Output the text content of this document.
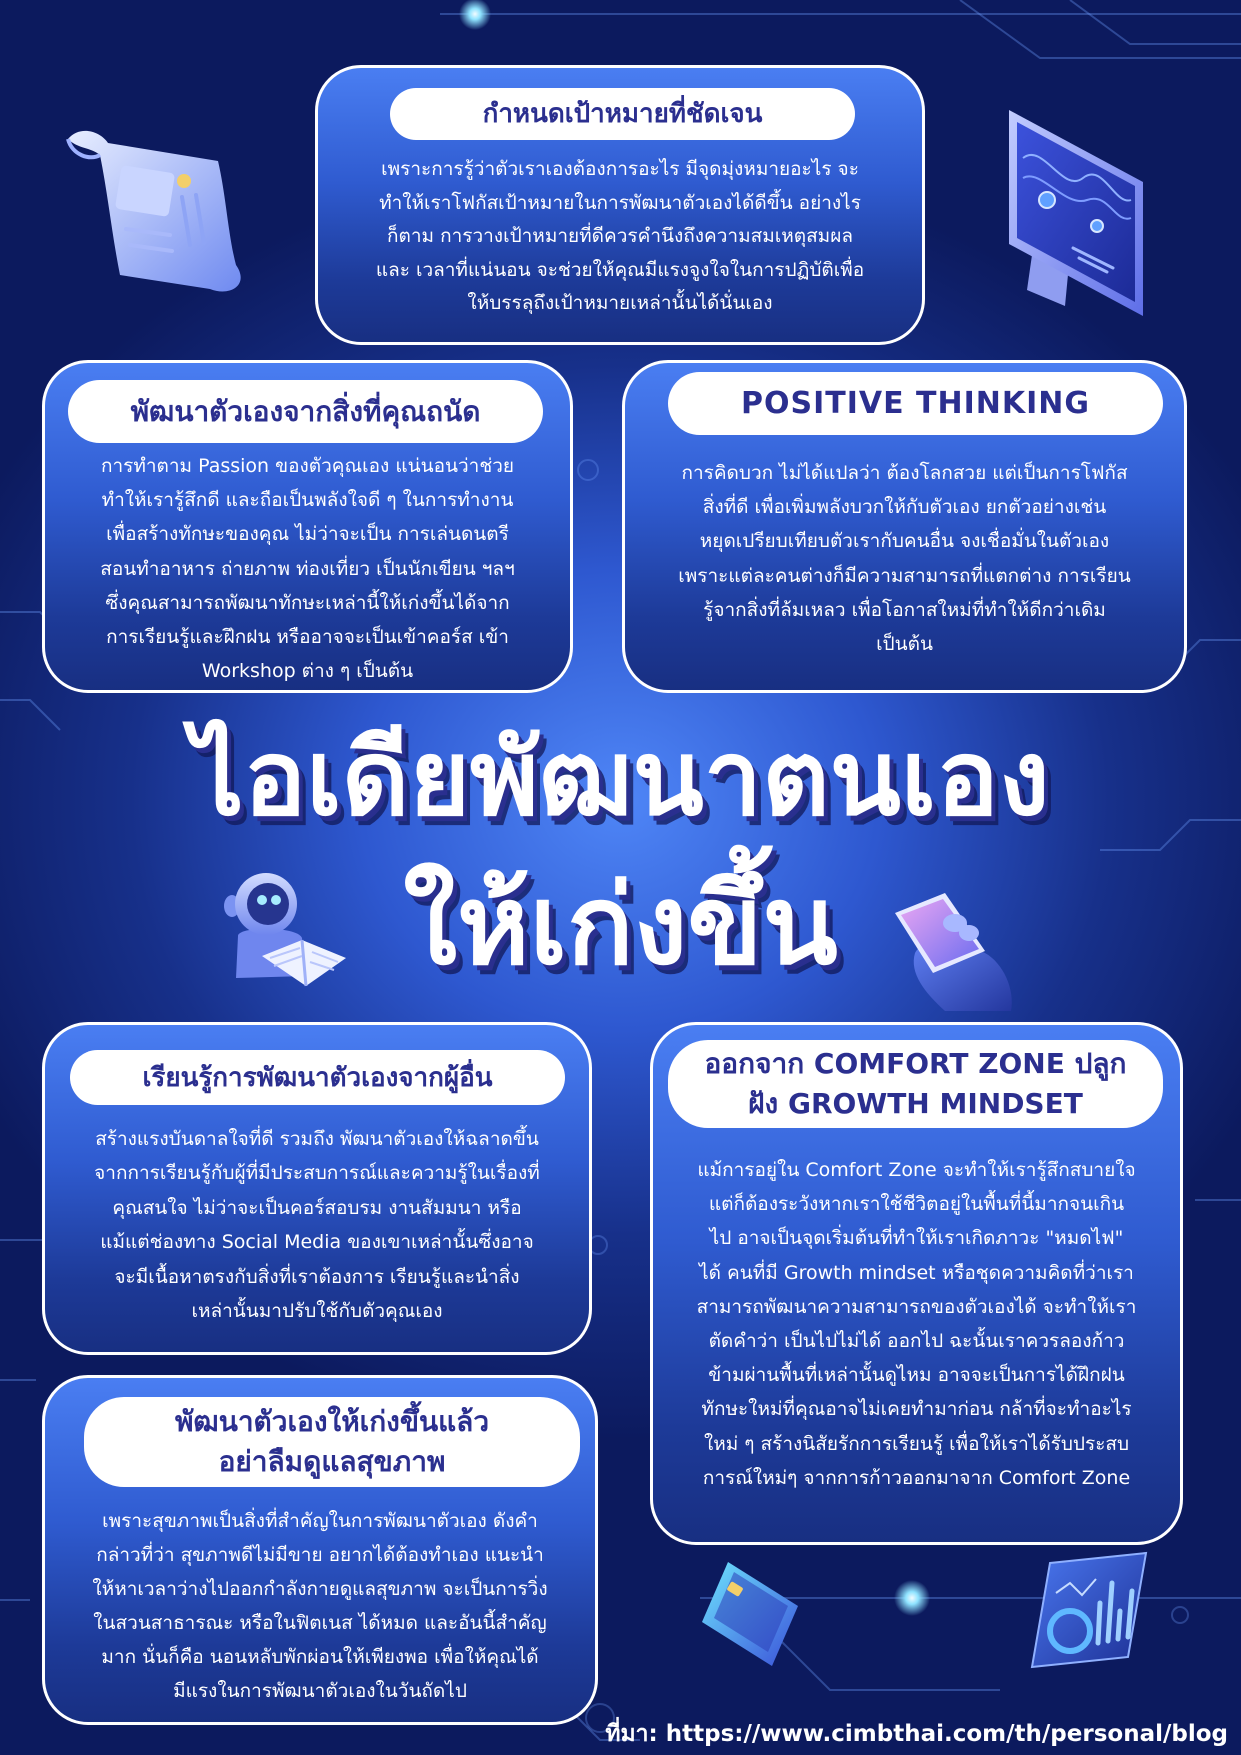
กำหนดเป้าหมายที่ชัดเจน
เพราะการรู้ว่าตัวเราเองต้องการอะไร มีจุดมุ่งหมายอะไร จะ
ทำให้เราโฟกัสเป้าหมายในการพัฒนาตัวเองได้ดีขึ้น อย่างไร
ก็ตาม การวางเป้าหมายที่ดีควรคำนึงถึงความสมเหตุสมผล
และ เวลาที่แน่นอน จะช่วยให้คุณมีแรงจูงใจในการปฏิบัติเพื่อ
ให้บรรลุถึงเป้าหมายเหล่านั้นได้นั่นเอง
พัฒนาตัวเองจากสิ่งที่คุณถนัด
การทำตาม Passion ของตัวคุณเอง แน่นอนว่าช่วย
ทำให้เรารู้สึกดี และถือเป็นพลังใจดี ๆ ในการทำงาน
เพื่อสร้างทักษะของคุณ ไม่ว่าจะเป็น การเล่นดนตรี
สอนทำอาหาร ถ่ายภาพ ท่องเที่ยว เป็นนักเขียน ฯลฯ
ซึ่งคุณสามารถพัฒนาทักษะเหล่านี้ให้เก่งขึ้นได้จาก
การเรียนรู้และฝึกฝน หรืออาจจะเป็นเข้าคอร์ส เข้า
Workshop ต่าง ๆ เป็นต้น
POSITIVE THINKING
การคิดบวก ไม่ได้แปลว่า ต้องโลกสวย แต่เป็นการโฟกัส
สิ่งที่ดี เพื่อเพิ่มพลังบวกให้กับตัวเอง ยกตัวอย่างเช่น
หยุดเปรียบเทียบตัวเรากับคนอื่น จงเชื่อมั่นในตัวเอง
เพราะแต่ละคนต่างก็มีความสามารถที่แตกต่าง การเรียน
รู้จากสิ่งที่ล้มเหลว เพื่อโอกาสใหม่ที่ทำให้ดีกว่าเดิม
เป็นต้น
ไอเดียพัฒนาตนเอง
ให้เก่งขึ้น
เรียนรู้การพัฒนาตัวเองจากผู้อื่น
สร้างแรงบันดาลใจที่ดี รวมถึง พัฒนาตัวเองให้ฉลาดขึ้น
จากการเรียนรู้กับผู้ที่มีประสบการณ์และความรู้ในเรื่องที่
คุณสนใจ ไม่ว่าจะเป็นคอร์สอบรม งานสัมมนา หรือ
แม้แต่ช่องทาง Social Media ของเขาเหล่านั้นซึ่งอาจ
จะมีเนื้อหาตรงกับสิ่งที่เราต้องการ เรียนรู้และนำสิ่ง
เหล่านั้นมาปรับใช้กับตัวคุณเอง
ออกจาก COMFORT ZONE ปลูก
ฝัง GROWTH MINDSET
แม้การอยู่ใน Comfort Zone จะทำให้เรารู้สึกสบายใจ
แต่ก็ต้องระวังหากเราใช้ชีวิตอยู่ในพื้นที่นี้มากจนเกิน
ไป อาจเป็นจุดเริ่มต้นที่ทำให้เราเกิดภาวะ "หมดไฟ"
ได้ คนที่มี Growth mindset หรือชุดความคิดที่ว่าเรา
สามารถพัฒนาความสามารถของตัวเองได้ จะทำให้เรา
ตัดคำว่า เป็นไปไม่ได้ ออกไป ฉะนั้นเราควรลองก้าว
ข้ามผ่านพื้นที่เหล่านั้นดูไหม อาจจะเป็นการได้ฝึกฝน
ทักษะใหม่ที่คุณอาจไม่เคยทำมาก่อน กล้าที่จะทำอะไร
ใหม่ ๆ สร้างนิสัยรักการเรียนรู้ เพื่อให้เราได้รับประสบ
การณ์ใหม่ๆ จากการก้าวออกมาจาก Comfort Zone
พัฒนาตัวเองให้เก่งขึ้นแล้ว
อย่าลืมดูแลสุขภาพ
เพราะสุขภาพเป็นสิ่งที่สำคัญในการพัฒนาตัวเอง ดังคำ
กล่าวที่ว่า สุขภาพดีไม่มีขาย อยากได้ต้องทำเอง แนะนำ
ให้หาเวลาว่างไปออกกำลังกายดูแลสุขภาพ จะเป็นการวิ่ง
ในสวนสาธารณะ หรือในฟิตเนส ได้หมด และอันนี้สำคัญ
มาก นั่นก็คือ นอนหลับพักผ่อนให้เพียงพอ เพื่อให้คุณได้
มีแรงในการพัฒนาตัวเองในวันถัดไป
ที่มา: https://www.cimbthai.com/th/personal/blog
